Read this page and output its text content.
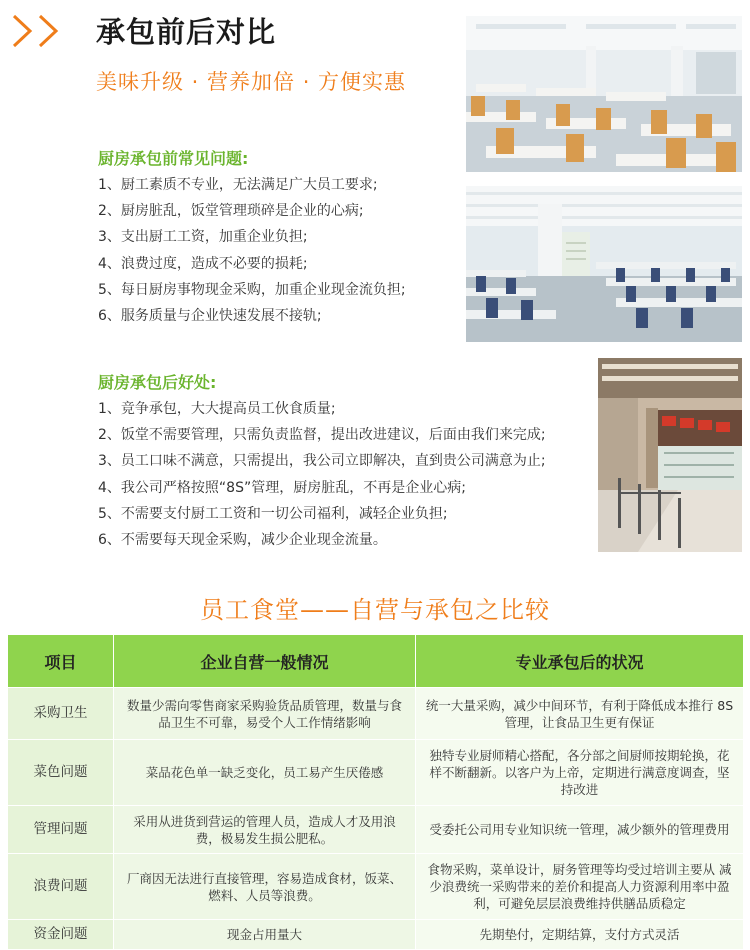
承包前后对比
美味升级 · 营养加倍 · 方便实惠
厨房承包前常见问题:
1、厨工素质不专业，无法满足广大员工要求;
2、厨房脏乱，饭堂管理琐碎是企业的心病;
3、支出厨工工资，加重企业负担;
4、浪费过度，造成不必要的损耗;
5、每日厨房事物现金采购，加重企业现金流负担;
6、服务质量与企业快速发展不接轨;
厨房承包后好处:
1、竞争承包，大大提高员工伙食质量;
2、饭堂不需要管理，只需负责监督，提出改进建议，后面由我们来完成;
3、员工口味不满意，只需提出，我公司立即解决，直到贵公司满意为止;
4、我公司严格按照“8S”管理，厨房脏乱，不再是企业心病;
5、不需要支付厨工工资和一切公司福利，减轻企业负担;
6、不需要每天现金采购，减少企业现金流量。
员工食堂——自营与承包之比较
项目	企业自营一般情况	专业承包后的状况
采购卫生	数量少需向零售商家采购验货品质管理，数量与食品卫生不可靠，易受个人工作情绪影响	统一大量采购，减少中间环节，有利于降低成本推行 8S 管理，让食品卫生更有保证
菜色问题	菜品花色单一缺乏变化，员工易产生厌倦感	独特专业厨师精心搭配，各分部之间厨师按期轮换，花样不断翻新。以客户为上帝，定期进行满意度调查，坚持改进
管理问题	采用从进货到营运的管理人员，造成人才及用浪费，极易发生损公肥私。	受委托公司用专业知识统一管理，减少额外的管理费用
浪费问题	厂商因无法进行直接管理，容易造成食材，饭菜、燃料、人员等浪费。	食物采购，菜单设计，厨务管理等均受过培训主要从 减少浪费统一采购带来的差价和提高人力资源利用率中盈利，可避免层层浪费维持供膳品质稳定
资金问题	现金占用量大	先期垫付，定期结算，支付方式灵活
